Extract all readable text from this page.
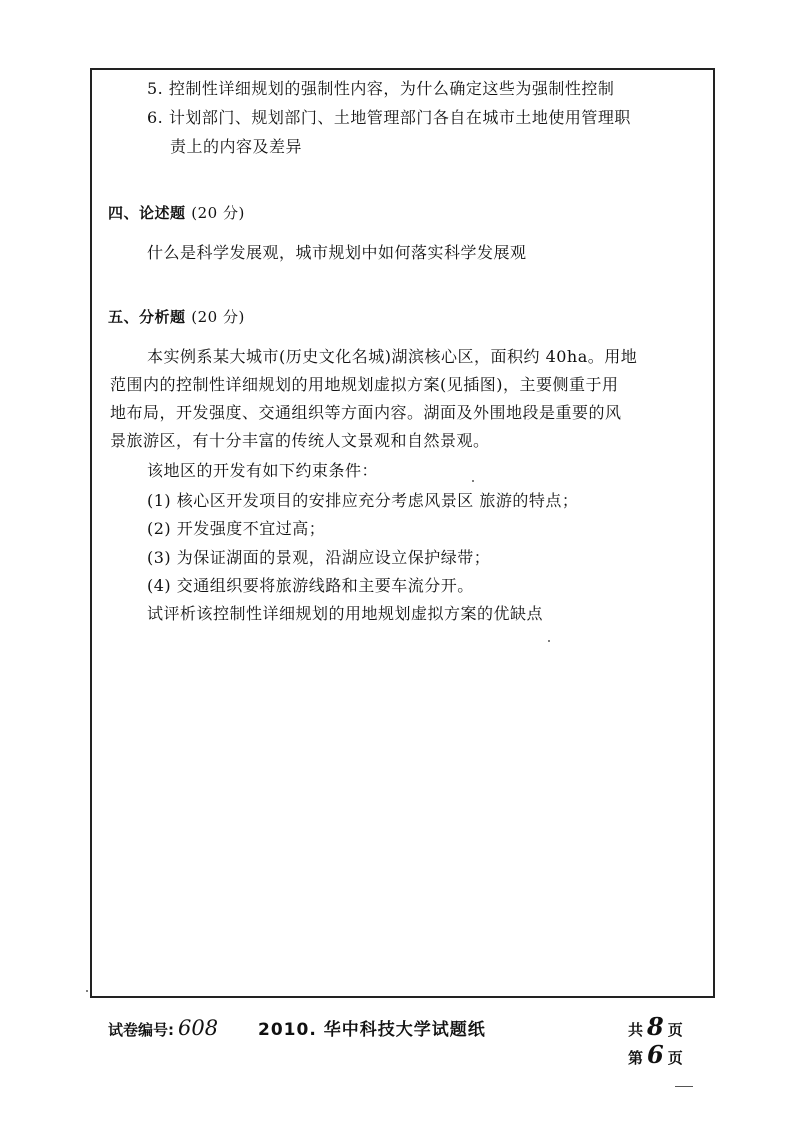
5. 控制性详细规划的强制性内容，为什么确定这些为强制性控制
6. 计划部门、规划部门、土地管理部门各自在城市土地使用管理职
责上的内容及差异
四、论述题 (20 分)
什么是科学发展观，城市规划中如何落实科学发展观
五、分析题 (20 分)
本实例系某大城市(历史文化名城)湖滨核心区，面积约 40ha。用地
范围内的控制性详细规划的用地规划虚拟方案(见插图)，主要侧重于用
地布局，开发强度、交通组织等方面内容。湖面及外围地段是重要的风
景旅游区，有十分丰富的传统人文景观和自然景观。
该地区的开发有如下约束条件：
(1) 核心区开发项目的安排应充分考虑风景区 旅游的特点；
(2) 开发强度不宜过高；
(3) 为保证湖面的景观，沿湖应设立保护绿带；
(4) 交通组织要将旅游线路和主要车流分开。
试评析该控制性详细规划的用地规划虚拟方案的优缺点
试卷编号: 608 2010. 华中科技大学试题纸	共 8 页
第 6 页
